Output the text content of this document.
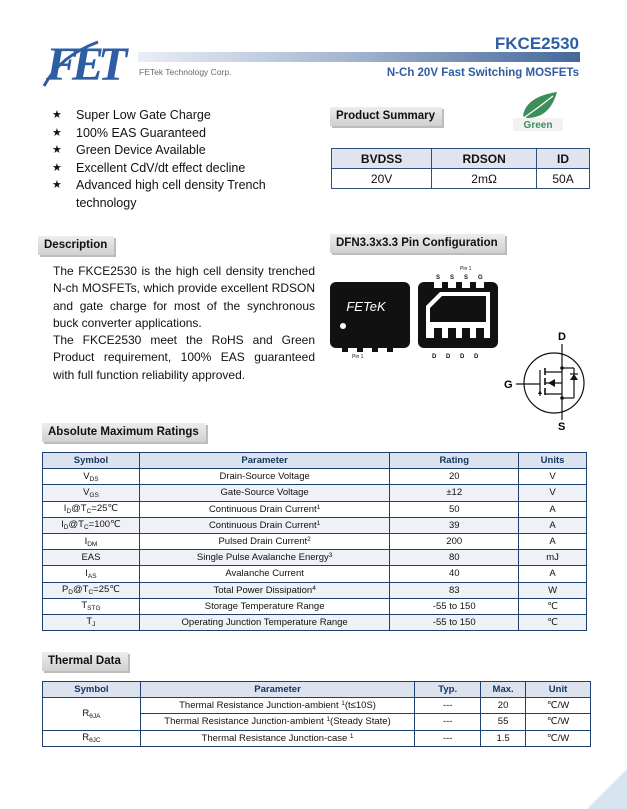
FET	FETek Technology Corp.
FKCE2530
N-Ch 20V Fast Switching MOSFETs
★ Super Low Gate Charge
★ 100% EAS Guaranteed
★ Green Device Available
★ Excellent CdV/dt effect decline
★ Advanced high cell density Trench technology
Product Summary
Green
BVDSS	RDSON	ID
20V	2mΩ	50A
Description

The FKCE2530 is the high cell density trenched N-ch MOSFETs, which provide excellent RDSON and gate charge for most of the synchronous buck converter applications.

The FKCE2530 meet the RoHS and Green Product requirement, 100% EAS guaranteed with full function reliability approved.

DFN3.3x3.3 Pin Configuration
FETeK
Pin 1
Pin 1
S S S G
D D D D
D
G
S
Absolute Maximum Ratings
Symbol	Parameter	Rating	Units
$V_{DS}$	Drain-Source Voltage	20	V
$V_{GS}$	Gate-Source Voltage	±12	V
$I_D@T_C=25℃$	Continuous Drain Current$^1$	50	A
$I_D@T_C=100℃$	Continuous Drain Current$^1$	39	A
$I_{DM}$	Pulsed Drain Current$^2$	200	A
EAS	Single Pulse Avalanche Energy$^3$	80	mJ
$I_{AS}$	Avalanche Current	40	A
$P_D@T_C=25℃$	Total Power Dissipation$^4$	83	W
$T_{STG}$	Storage Temperature Range	-55 to 150	℃
$T_J$	Operating Junction Temperature Range	-55 to 150	℃
Thermal Data
Symbol	Parameter	Typ.	Max.	Unit
$R_{\theta JA}$	Thermal Resistance Junction-ambient $^1$(t≤10S)	---	20	℃/W
	Thermal Resistance Junction-ambient $^1$(Steady State)	---	55	℃/W
$R_{\theta JC}$	Thermal Resistance Junction-case $^1$	---	1.5	℃/W
